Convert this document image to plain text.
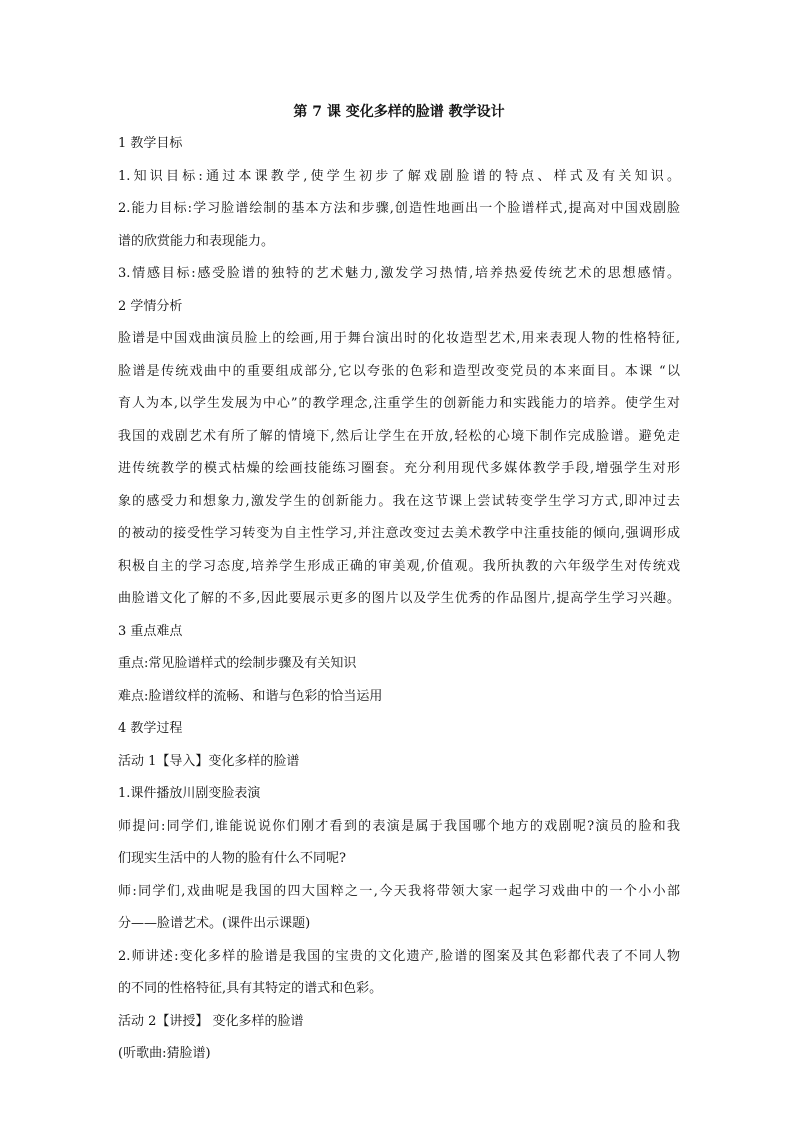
第 7 课 变化多样的脸谱 教学设计
1 教学目标
1.知识目标:通过本课教学,使学生初步了解戏剧脸谱的特点、样式及有关知识。
2.能力目标:学习脸谱绘制的基本方法和步骤,创造性地画出一个脸谱样式,提高对中国戏剧脸
谱的欣赏能力和表现能力。
3.情感目标:感受脸谱的独特的艺术魅力,激发学习热情,培养热爱传统艺术的思想感情。
2 学情分析
脸谱是中国戏曲演员脸上的绘画,用于舞台演出时的化妆造型艺术,用来表现人物的性格特征,
脸谱是传统戏曲中的重要组成部分,它以夸张的色彩和造型改变党员的本来面目。本课 “以
育人为本,以学生发展为中心”的教学理念,注重学生的创新能力和实践能力的培养。使学生对
我国的戏剧艺术有所了解的情境下,然后让学生在开放,轻松的心境下制作完成脸谱。避免走
进传统教学的模式枯燥的绘画技能练习圈套。充分利用现代多媒体教学手段,增强学生对形
象的感受力和想象力,激发学生的创新能力。我在这节课上尝试转变学生学习方式,即冲过去
的被动的接受性学习转变为自主性学习,并注意改变过去美术教学中注重技能的倾向,强调形成
积极自主的学习态度,培养学生形成正确的审美观,价值观。我所执教的六年级学生对传统戏
曲脸谱文化了解的不多,因此要展示更多的图片以及学生优秀的作品图片,提高学生学习兴趣。
3 重点难点
重点:常见脸谱样式的绘制步骤及有关知识
难点:脸谱纹样的流畅、和谐与色彩的恰当运用
4 教学过程
活动 1【导入】变化多样的脸谱
1.课件播放川剧变脸表演
师提问:同学们,谁能说说你们刚才看到的表演是属于我国哪个地方的戏剧呢?演员的脸和我
们现实生活中的人物的脸有什么不同呢?
师:同学们,戏曲呢是我国的四大国粹之一,今天我将带领大家一起学习戏曲中的一个小小部
分——脸谱艺术。(课件出示课题)
2.师讲述:变化多样的脸谱是我国的宝贵的文化遗产,脸谱的图案及其色彩都代表了不同人物
的不同的性格特征,具有其特定的谱式和色彩。
活动 2【讲授】 变化多样的脸谱
(听歌曲:猜脸谱)
